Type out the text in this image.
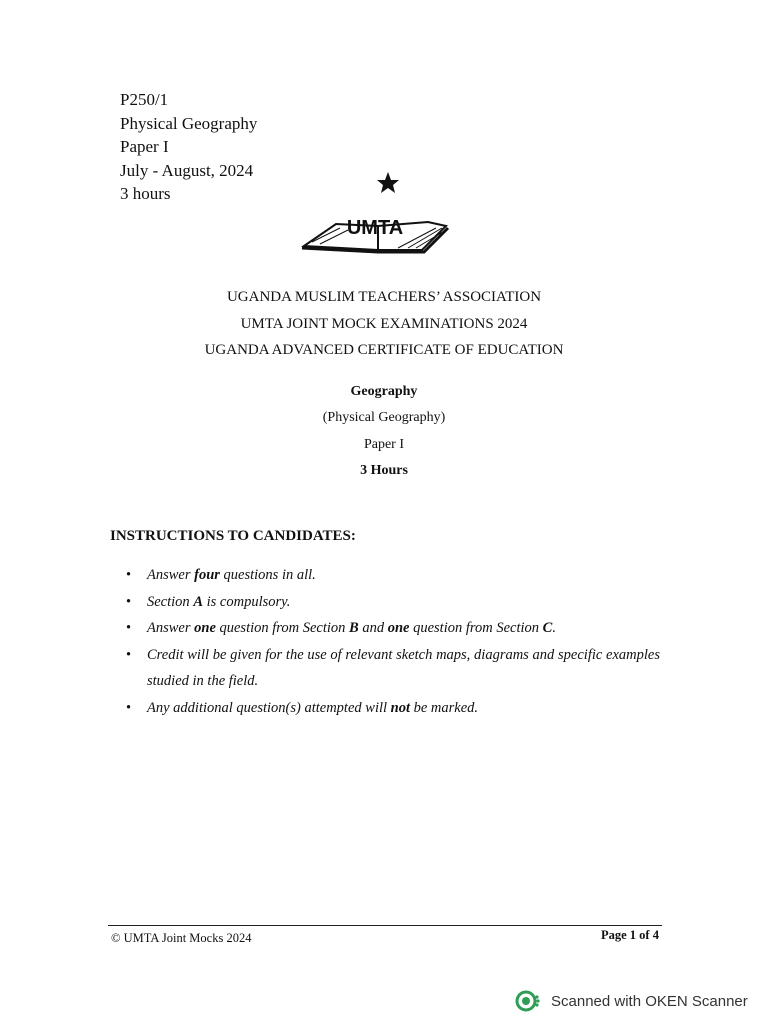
P250/1
Physical Geography
Paper I
July - August, 2024
3 hours
UMTA
UGANDA MUSLIM TEACHERS’ ASSOCIATION
UMTA JOINT MOCK EXAMINATIONS 2024
UGANDA ADVANCED CERTIFICATE OF EDUCATION
Geography
(Physical Geography)
Paper I
3 Hours
INSTRUCTIONS TO CANDIDATES:
• Answer four questions in all.
• Section A is compulsory.
• Answer one question from Section B and one question from Section C.
• Credit will be given for the use of relevant sketch maps, diagrams and specific examples studied in the field.
• Any additional question(s) attempted will not be marked.
© UMTA Joint Mocks 2024	Page 1 of 4
Scanned with OKEN Scanner
